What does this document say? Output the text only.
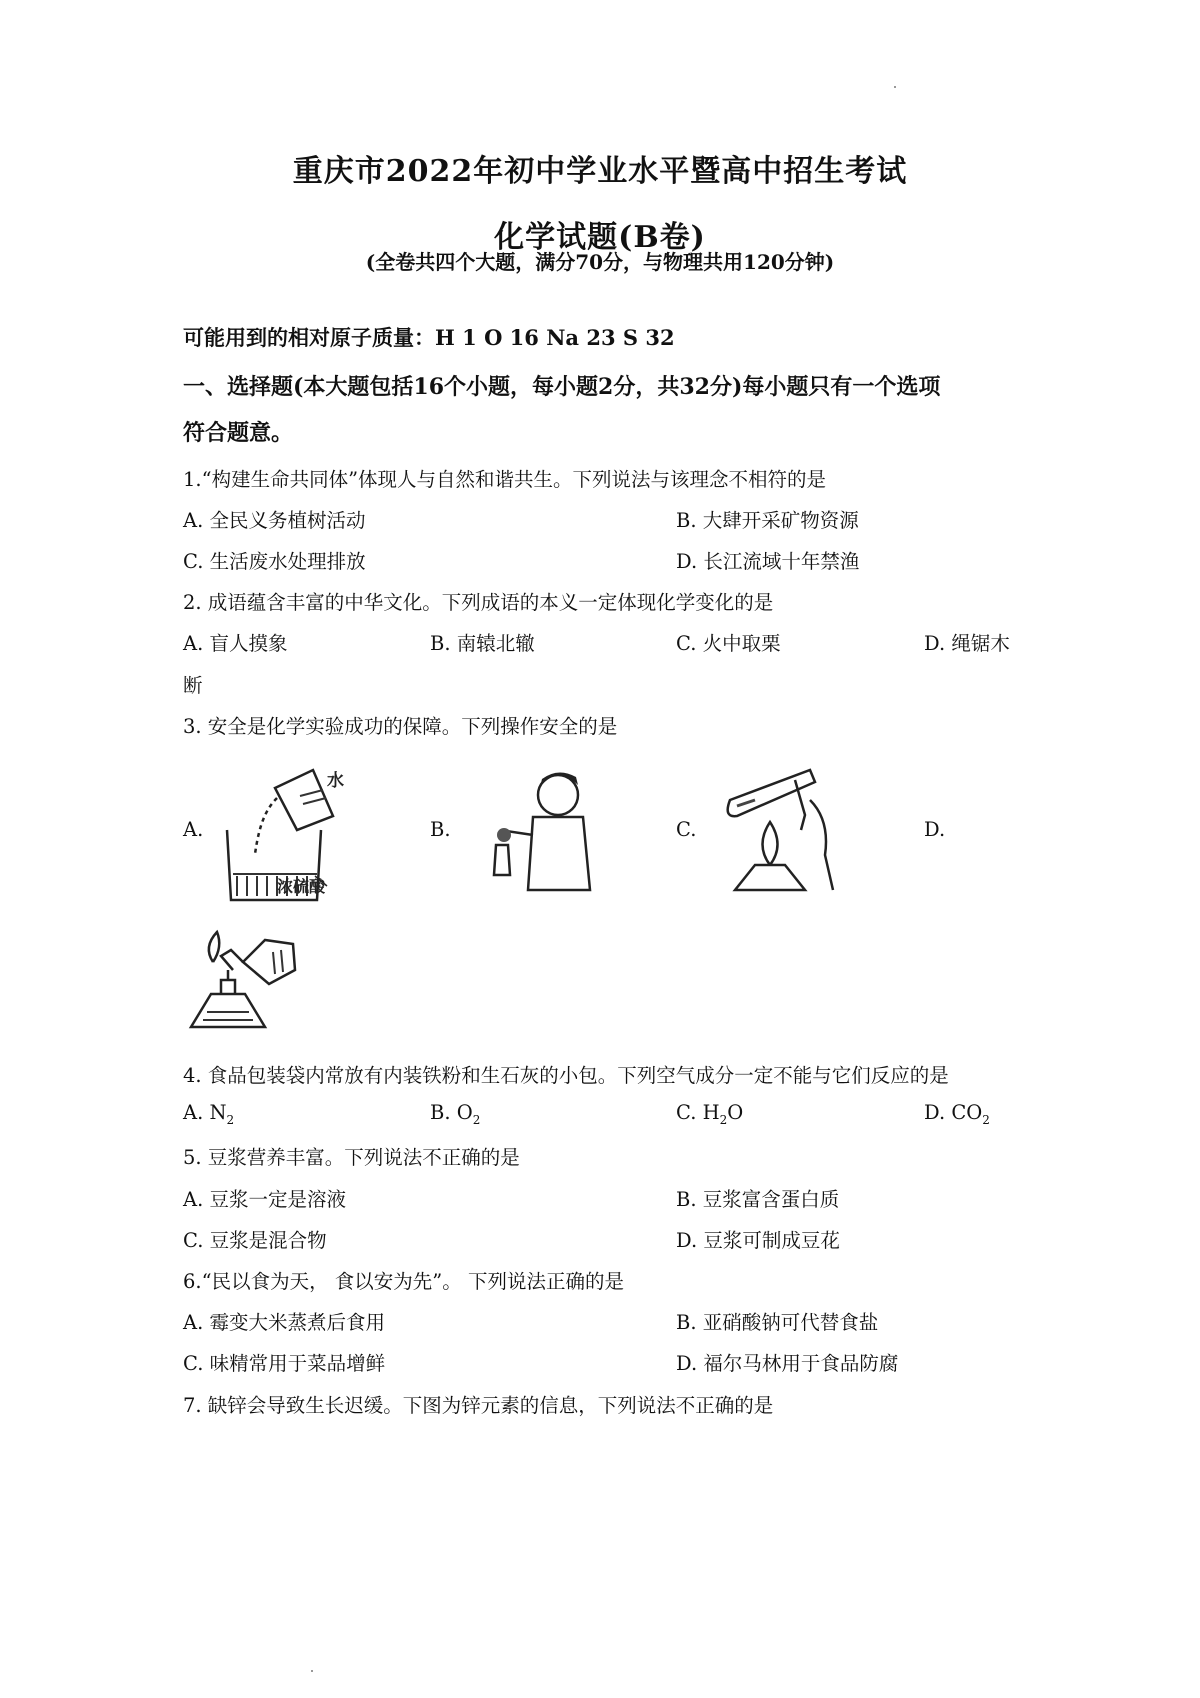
重庆市2022年初中学业水平暨高中招生考试
化学试题(B卷)
(全卷共四个大题，满分70分，与物理共用120分钟)
可能用到的相对原子质量：H 1 O 16 Na 23 S 32
一、选择题(本大题包括16个小题，每小题2分，共32分)每小题只有一个选项
符合题意。
1.“构建生命共同体”体现人与自然和谐共生。下列说法与该理念不相符的是
A. 全民义务植树活动	B. 大肆开采矿物资源
C. 生活废水处理排放	D. 长江流域十年禁渔
2. 成语蕴含丰富的中华文化。下列成语的本义一定体现化学变化的是
A. 盲人摸象	B. 南辕北辙	C. 火中取栗	D. 绳锯木
断
3. 安全是化学实验成功的保障。下列操作安全的是
A.	B.	C.	D.
水
浓硫酸
4. 食品包装袋内常放有内装铁粉和生石灰的小包。下列空气成分一定不能与它们反应的是
A. $N_2$	B. $O_2$	C. $H_2O$	D. $CO_2$
5. 豆浆营养丰富。下列说法不正确的是
A. 豆浆一定是溶液	B. 豆浆富含蛋白质
C. 豆浆是混合物	D. 豆浆可制成豆花
6.“民以食为天， 食以安为先”。 下列说法正确的是
A. 霉变大米蒸煮后食用	B. 亚硝酸钠可代替食盐
C. 味精常用于菜品增鲜	D. 福尔马林用于食品防腐
7. 缺锌会导致生长迟缓。下图为锌元素的信息，下列说法不正确的是
